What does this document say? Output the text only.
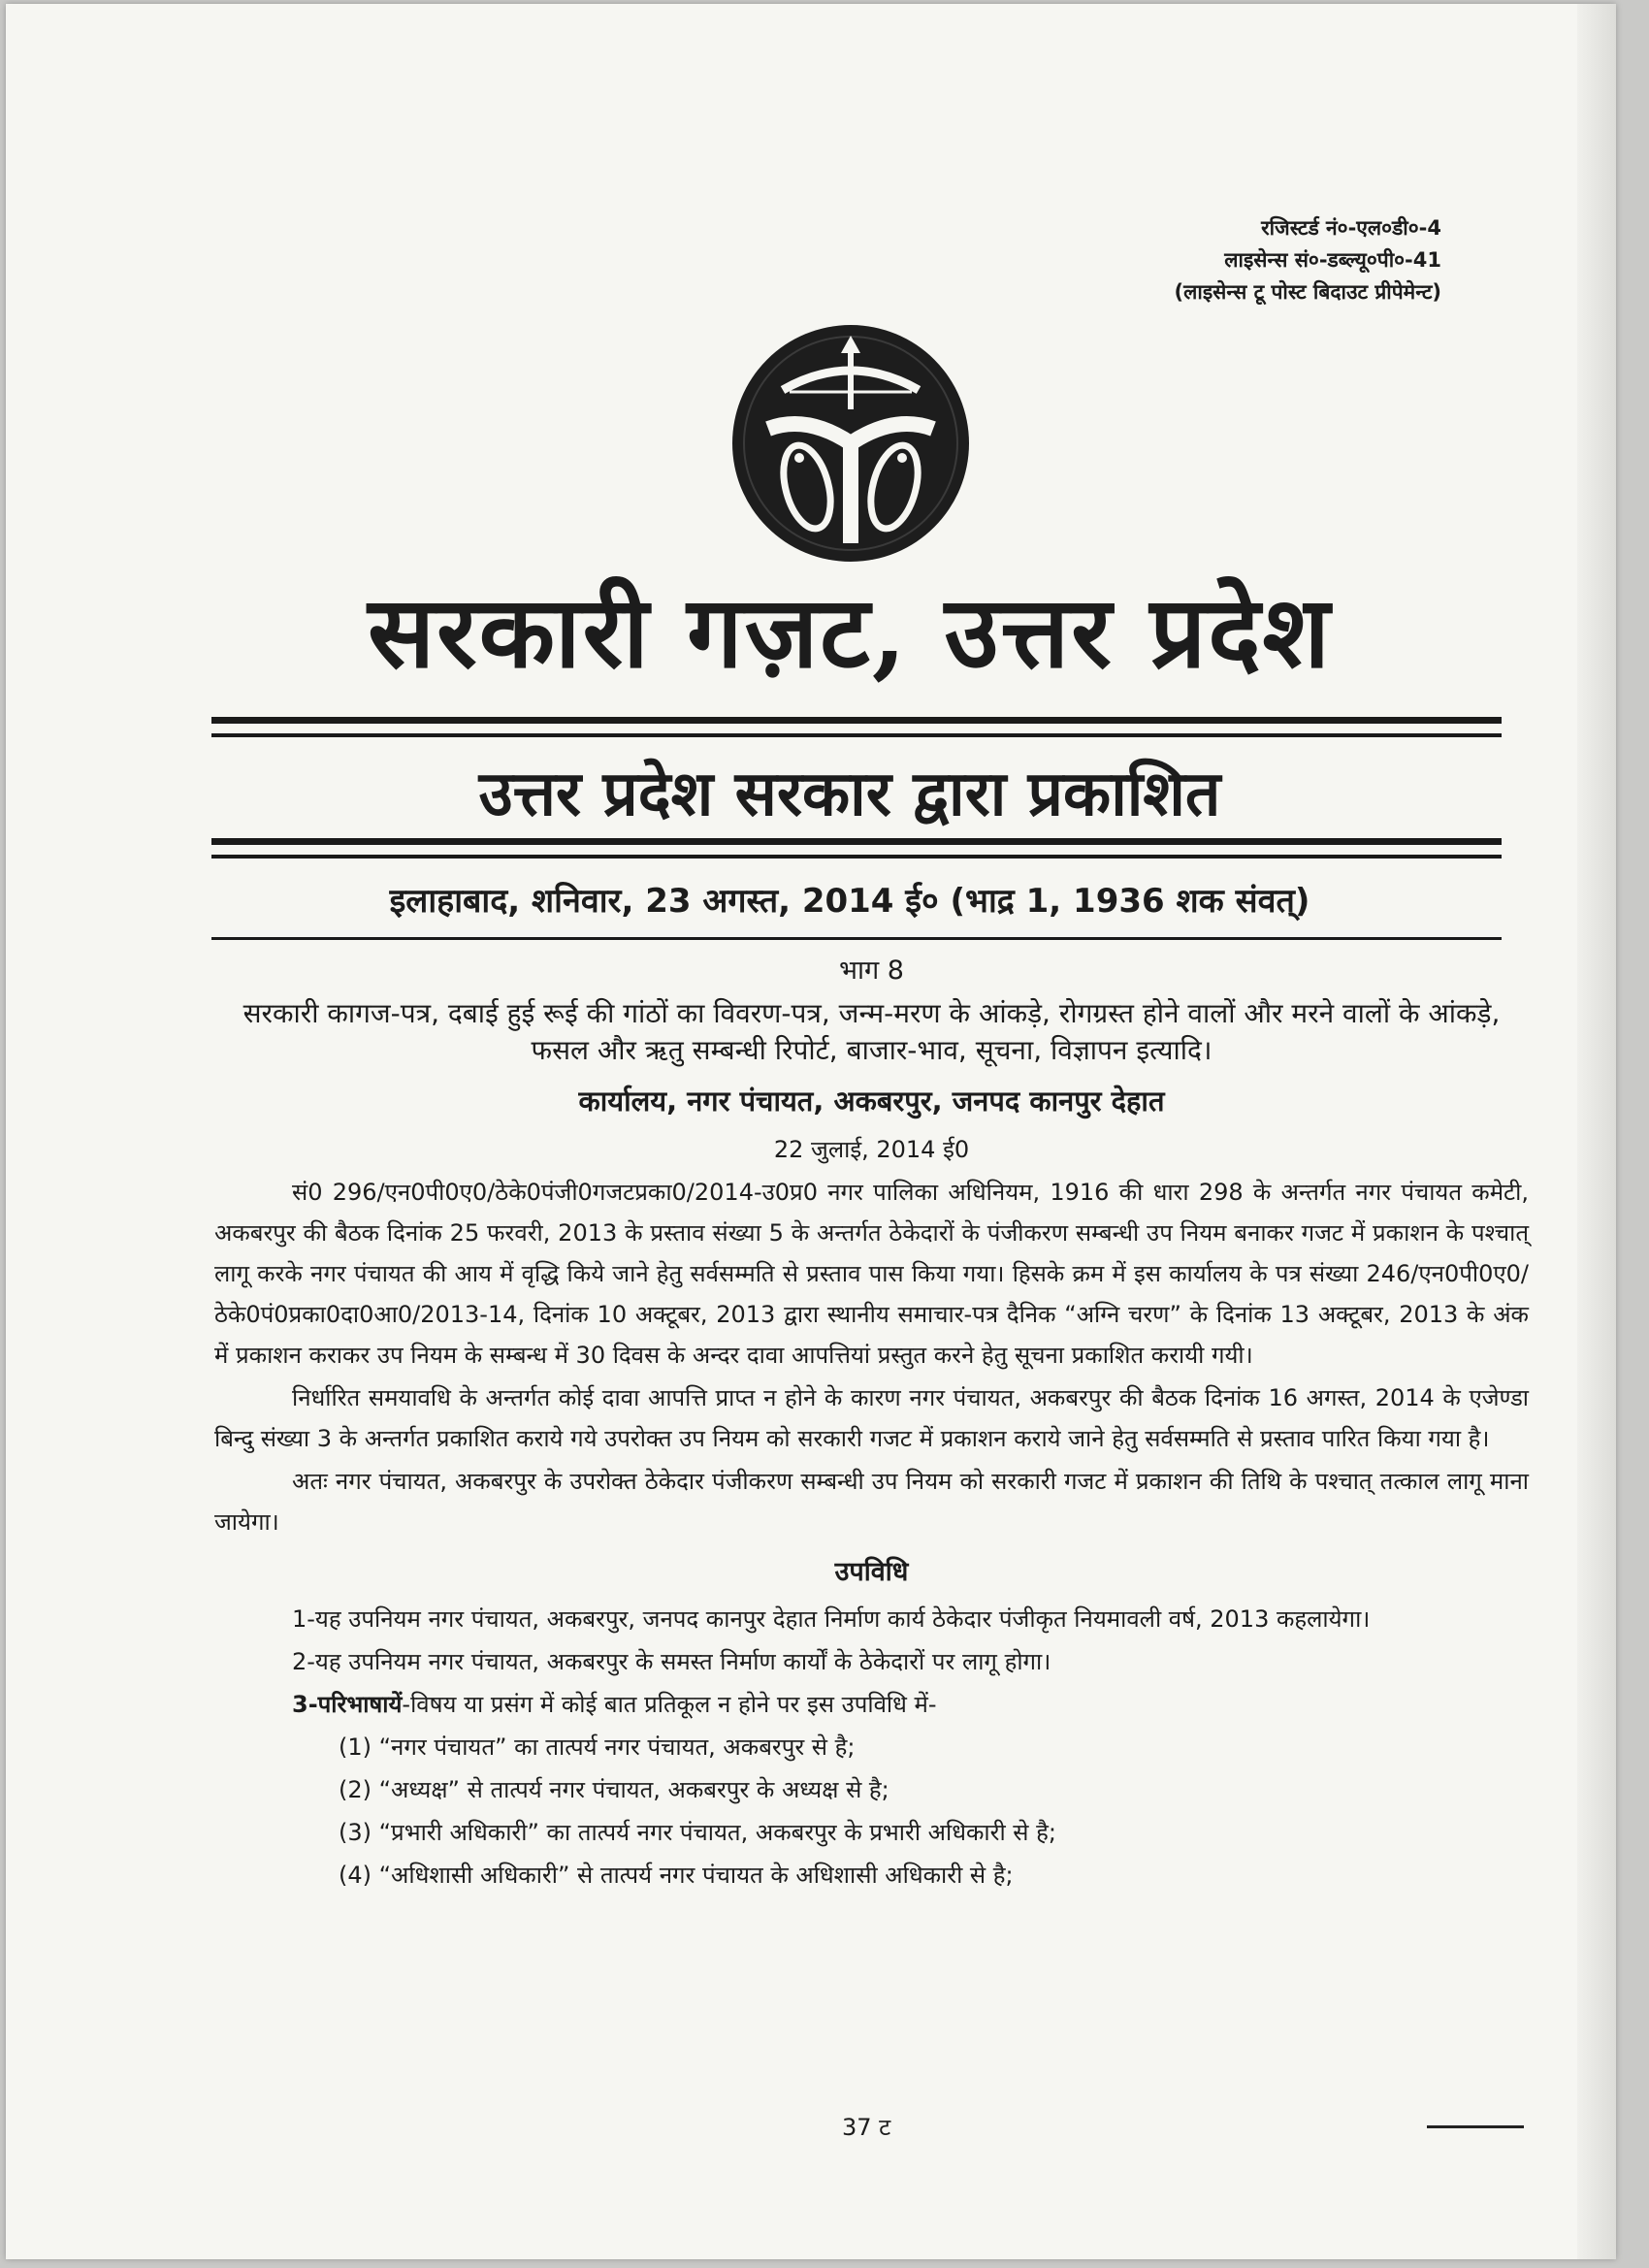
रजिस्टर्ड नं०-एल०डी०-4
लाइसेन्स सं०-डब्ल्यू०पी०-41
(लाइसेन्स टू पोस्ट बिदाउट प्रीपेमेन्ट)
सरकारी गज़ट, उत्तर प्रदेश
उत्तर प्रदेश सरकार द्वारा प्रकाशित
इलाहाबाद, शनिवार, 23 अगस्त, 2014 ई० (भाद्र 1, 1936 शक संवत्)
भाग 8
सरकारी कागज-पत्र, दबाई हुई रूई की गांठों का विवरण-पत्र, जन्म-मरण के आंकड़े, रोगग्रस्त होने वालों और मरने वालों के आंकड़े, फसल और ऋतु सम्बन्धी रिपोर्ट, बाजार-भाव, सूचना, विज्ञापन इत्यादि।
कार्यालय, नगर पंचायत, अकबरपुर, जनपद कानपुर देहात
22 जुलाई, 2014 ई0

सं0 296/एन0पी0ए0/ठेके0पंजी0गजटप्रका0/2014-उ0प्र0 नगर पालिका अधिनियम, 1916 की धारा 298 के अन्तर्गत नगर पंचायत कमेटी, अकबरपुर की बैठक दिनांक 25 फरवरी, 2013 के प्रस्ताव संख्या 5 के अन्तर्गत ठेकेदारों के पंजीकरण सम्बन्धी उप नियम बनाकर गजट में प्रकाशन के पश्चात् लागू करके नगर पंचायत की आय में वृद्धि किये जाने हेतु सर्वसम्मति से प्रस्ताव पास किया गया। हिसके क्रम में इस कार्यालय के पत्र संख्या 246/एन0पी0ए0/ठेके0पं0प्रका0दा0आ0/2013-14, दिनांक 10 अक्टूबर, 2013 द्वारा स्थानीय समाचार-पत्र दैनिक “अग्नि चरण” के दिनांक 13 अक्टूबर, 2013 के अंक में प्रकाशन कराकर उप नियम के सम्बन्ध में 30 दिवस के अन्दर दावा आपत्तियां प्रस्तुत करने हेतु सूचना प्रकाशित करायी गयी।

निर्धारित समयावधि के अन्तर्गत कोई दावा आपत्ति प्राप्त न होने के कारण नगर पंचायत, अकबरपुर की बैठक दिनांक 16 अगस्त, 2014 के एजेण्डा बिन्दु संख्या 3 के अन्तर्गत प्रकाशित कराये गये उपरोक्त उप नियम को सरकारी गजट में प्रकाशन कराये जाने हेतु सर्वसम्मति से प्रस्ताव पारित किया गया है।

अतः नगर पंचायत, अकबरपुर के उपरोक्त ठेकेदार पंजीकरण सम्बन्धी उप नियम को सरकारी गजट में प्रकाशन की तिथि के पश्चात् तत्काल लागू माना जायेगा।

उपविधि

1-यह उपनियम नगर पंचायत, अकबरपुर, जनपद कानपुर देहात निर्माण कार्य ठेकेदार पंजीकृत नियमावली वर्ष, 2013 कहलायेगा।

2-यह उपनियम नगर पंचायत, अकबरपुर के समस्त निर्माण कार्यों के ठेकेदारों पर लागू होगा।

3-परिभाषायें-विषय या प्रसंग में कोई बात प्रतिकूल न होने पर इस उपविधि में-

(1) “नगर पंचायत” का तात्पर्य नगर पंचायत, अकबरपुर से है;
(2) “अध्यक्ष” से तात्पर्य नगर पंचायत, अकबरपुर के अध्यक्ष से है;
(3) “प्रभारी अधिकारी” का तात्पर्य नगर पंचायत, अकबरपुर के प्रभारी अधिकारी से है;
(4) “अधिशासी अधिकारी” से तात्पर्य नगर पंचायत के अधिशासी अधिकारी से है;
37 ट
